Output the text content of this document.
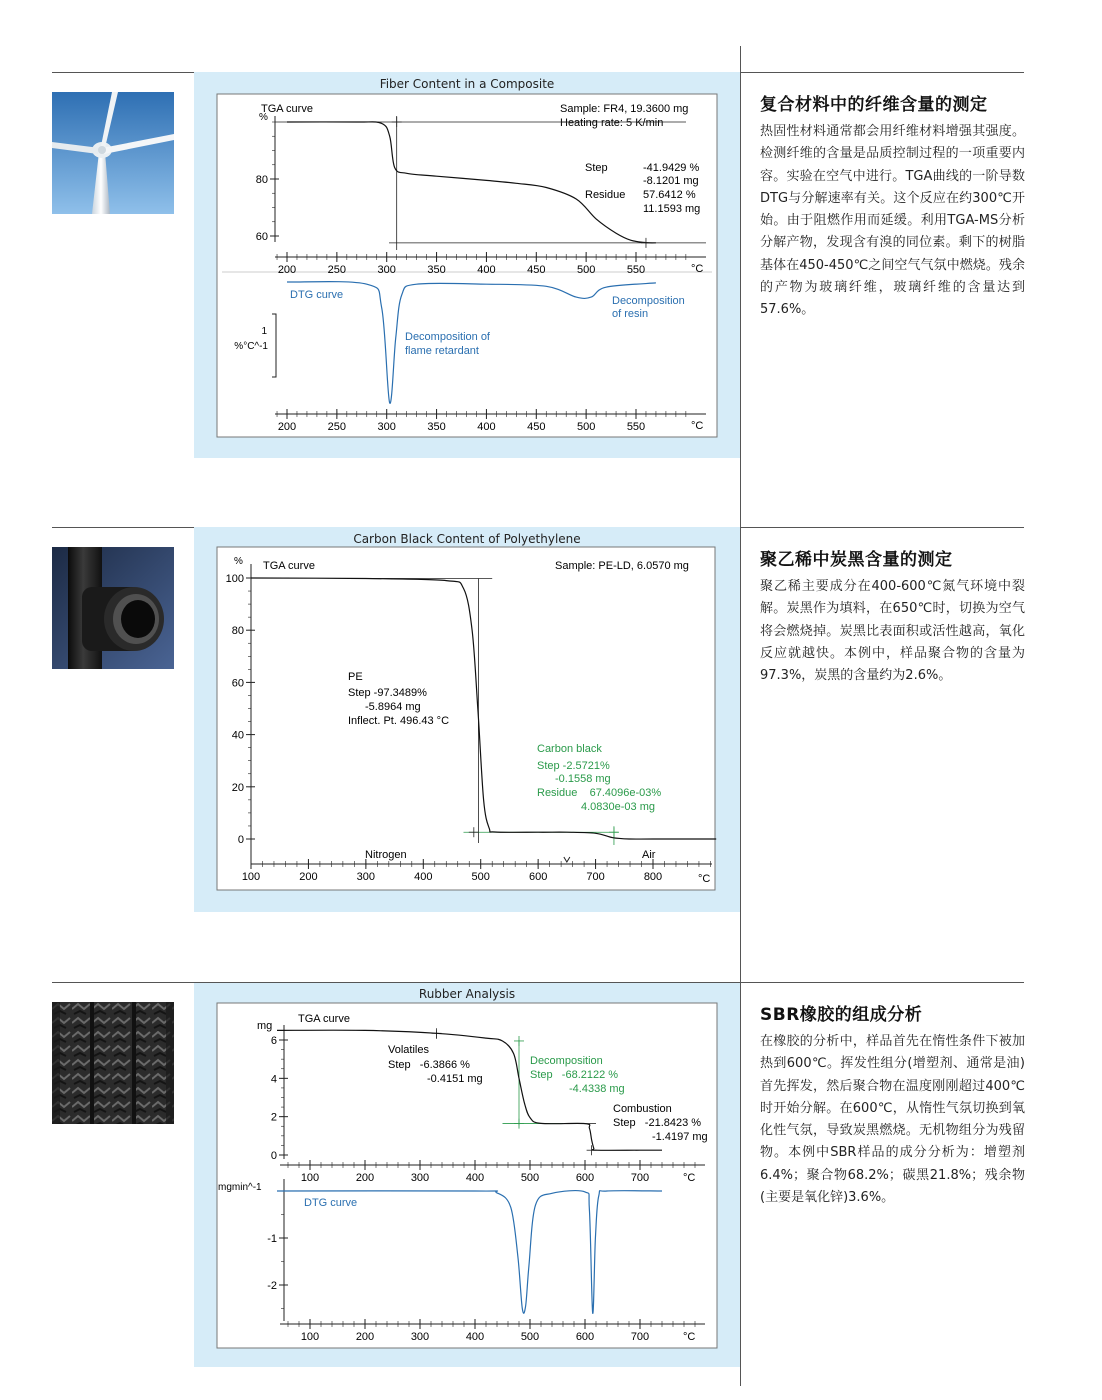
Fiber Content in a Composite
TGA curve
%
Sample: FR4, 19.3600 mg
Heating rate: 5 K/min
Step	-41.9429 %
-8.1201 mg
Residue 57.6412 %
11.1593 mg
DTG curve	Decomposition
of resin
Decomposition of
flame retardant
1
%°C^-1
°C
°C
80
60
200	250	300	350	400	450	500	550
200	250	300	350	400	450	500	550
复合材料中的纤维含量的测定

热固性材料通常都会用纤维材料增强其强度。检测纤维的含量是品质控制过程的一项重要内容。实验在空气中进行。TGA曲线的一阶导数DTG与分解速率有关。这个反应在约300℃开始。由于阻燃作用而延缓。利用TGA-MS分析分解产物，发现含有溴的同位素。剩下的树脂基体在450-450℃之间空气气氛中燃烧。残余的产物为玻璃纤维，玻璃纤维的含量达到57.6%。

Carbon Black Content of Polyethylene
% TGA curve	Sample: PE-LD, 6.0570 mg
PE
Step -97.3489%
-5.8964 mg
Inflect. Pt. 496.43 °C
Carbon black
Step -2.5721%
-0.1558 mg
Residue    67.4096e-03%
4.0830e-03 mg
Nitrogen	Air
°C
100
80
60
40
20
0
100	200	300	400	500	600	700	800
聚乙稀中炭黑含量的测定

聚乙稀主要成分在400-600℃氮气环境中裂解。炭黑作为填料，在650℃时，切换为空气将会燃烧掉。炭黑比表面积或活性越高，氧化反应就越快。本例中，样品聚合物的含量为97.3%，炭黑的含量约为2.6%。

Rubber Analysis
TGA curve
mg
Volatiles
Step   -6.3866 %
-0.4151 mg
Decomposition
Step   -68.2122 %
-4.4338 mg
Combustion
Step   -21.8423 %
-1.4197 mg
°C
mgmin^-1
DTG curve
°C
6
4
2
0
100	200	300	400	500	600	700
-1
-2
100	200	300	400	500	600	700
SBR橡胶的组成分析

在橡胶的分析中，样品首先在惰性条件下被加热到600℃。挥发性组分(增塑剂、通常是油)首先挥发，然后聚合物在温度刚刚超过400℃时开始分解。在600℃，从惰性气氛切换到氧化性气氛，导致炭黑燃烧。无机物组分为残留物。本例中SBR样品的成分分析为：增塑剂6.4%；聚合物68.2%；碳黑21.8%；残余物(主要是氧化锌)3.6%。
